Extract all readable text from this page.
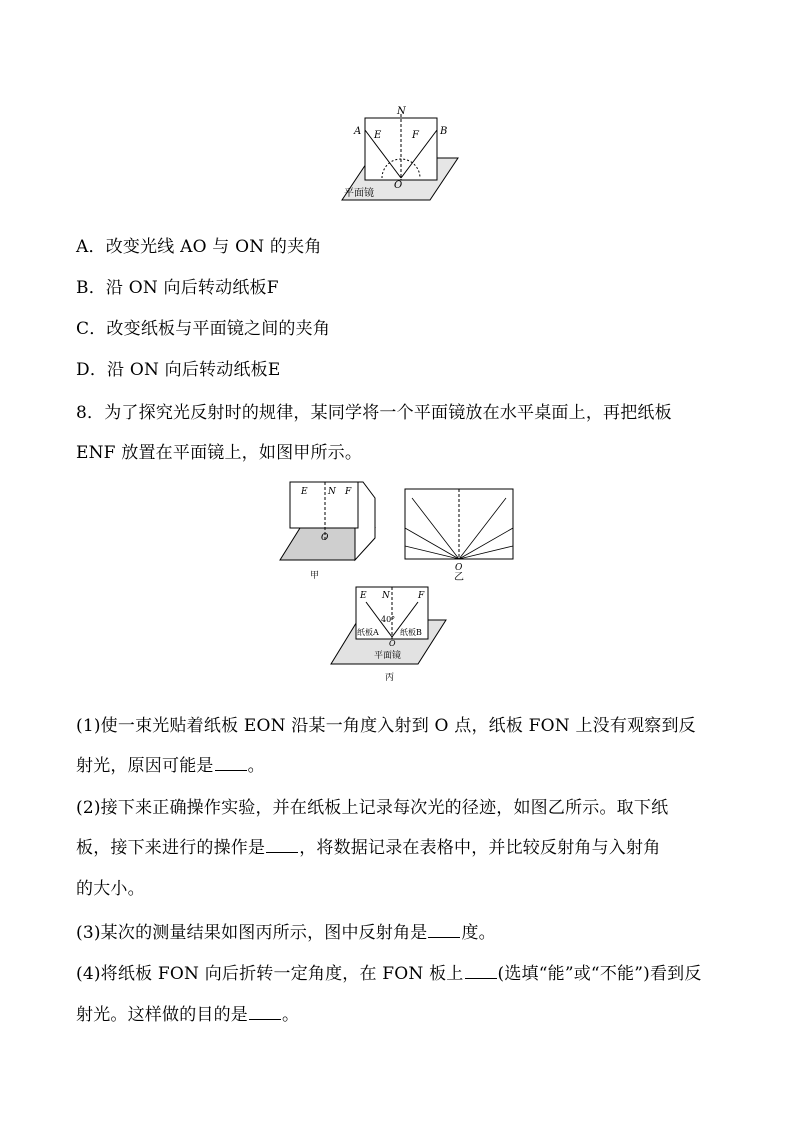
N
A	B
E	F
O
平面镜
A．改变光线 AO 与 ON 的夹角
B．沿 ON 向后转动纸板F
C．改变纸板与平面镜之间的夹角
D．沿 ON 向后转动纸板E
8．为了探究光反射时的规律，某同学将一个平面镜放在水平桌面上，再把纸板
ENF 放置在平面镜上，如图甲所示。
E N F
O
甲
O
乙
E N	F
40°
纸板A	纸板B
O
平面镜
丙
(1)使一束光贴着纸板 EON 沿某一角度入射到 O 点，纸板 FON 上没有观察到反
射光，原因可能是 。
(2)接下来正确操作实验，并在纸板上记录每次光的径迹，如图乙所示。取下纸
板，接下来进行的操作是 ，将数据记录在表格中，并比较反射角与入射角
的大小。
(3)某次的测量结果如图丙所示，图中反射角是 度。
(4)将纸板 FON 向后折转一定角度，在 FON 板上 (选填“能”或“不能”)看到反
射光。这样做的目的是 。
